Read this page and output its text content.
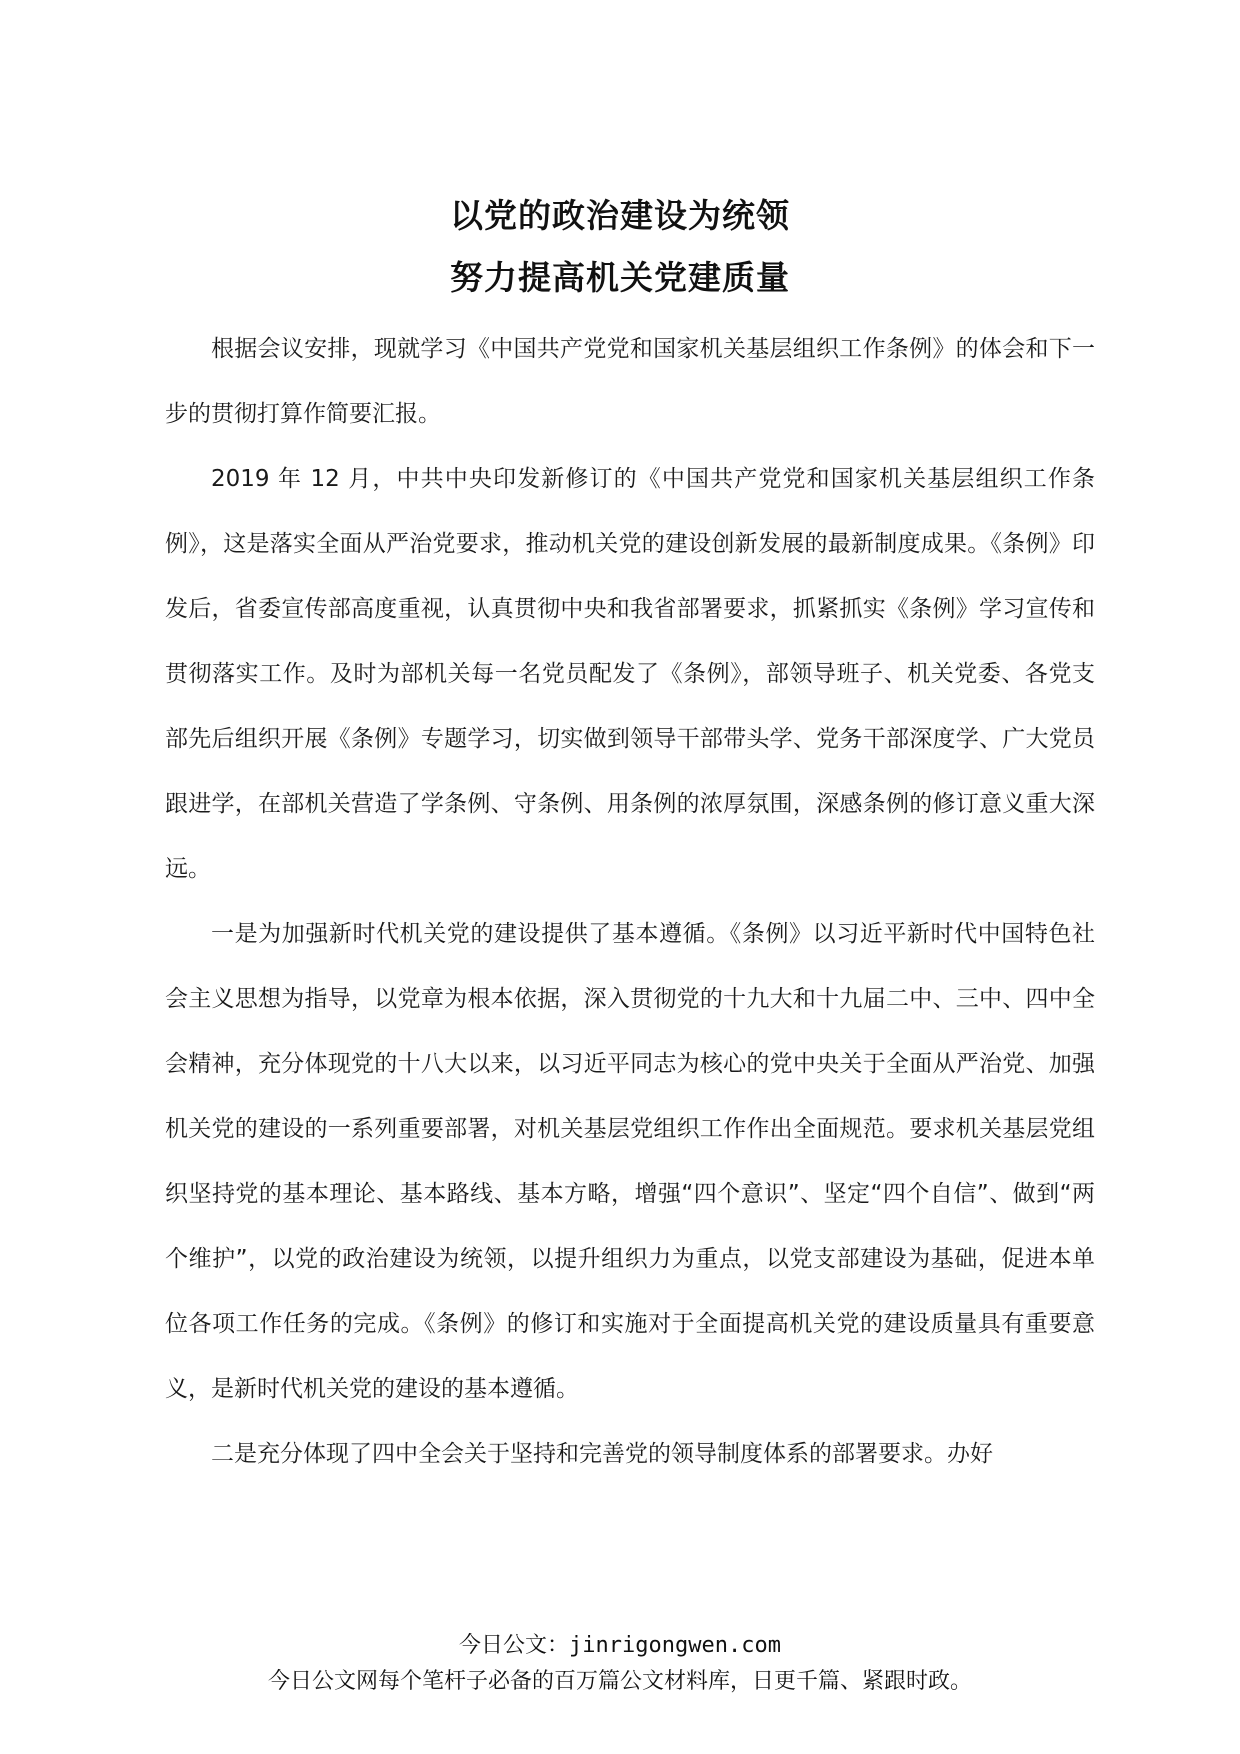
以党的政治建设为统领
努力提高机关党建质量

根据会议安排，现就学习《中国共产党党和国家机关基层组织工作条例》的体会和下一步的贯彻打算作简要汇报。

2019 年 12 月，中共中央印发新修订的《中国共产党党和国家机关基层组织工作条例》，这是落实全面从严治党要求，推动机关党的建设创新发展的最新制度成果。《条例》印发后，省委宣传部高度重视，认真贯彻中央和我省部署要求，抓紧抓实《条例》学习宣传和贯彻落实工作。及时为部机关每一名党员配发了《条例》，部领导班子、机关党委、各党支部先后组织开展《条例》专题学习，切实做到领导干部带头学、党务干部深度学、广大党员跟进学，在部机关营造了学条例、守条例、用条例的浓厚氛围，深感条例的修订意义重大深远。

一是为加强新时代机关党的建设提供了基本遵循。《条例》以习近平新时代中国特色社会主义思想为指导，以党章为根本依据，深入贯彻党的十九大和十九届二中、三中、四中全会精神，充分体现党的十八大以来，以习近平同志为核心的党中央关于全面从严治党、加强机关党的建设的一系列重要部署，对机关基层党组织工作作出全面规范。要求机关基层党组织坚持党的基本理论、基本路线、基本方略，增强“四个意识”、坚定“四个自信”、做到“两个维护”，以党的政治建设为统领，以提升组织力为重点，以党支部建设为基础，促进本单位各项工作任务的完成。《条例》的修订和实施对于全面提高机关党的建设质量具有重要意义，是新时代机关党的建设的基本遵循。

二是充分体现了四中全会关于坚持和完善党的领导制度体系的部署要求。办好

今日公文：jinrigongwen.com
今日公文网每个笔杆子必备的百万篇公文材料库，日更千篇、紧跟时政。
